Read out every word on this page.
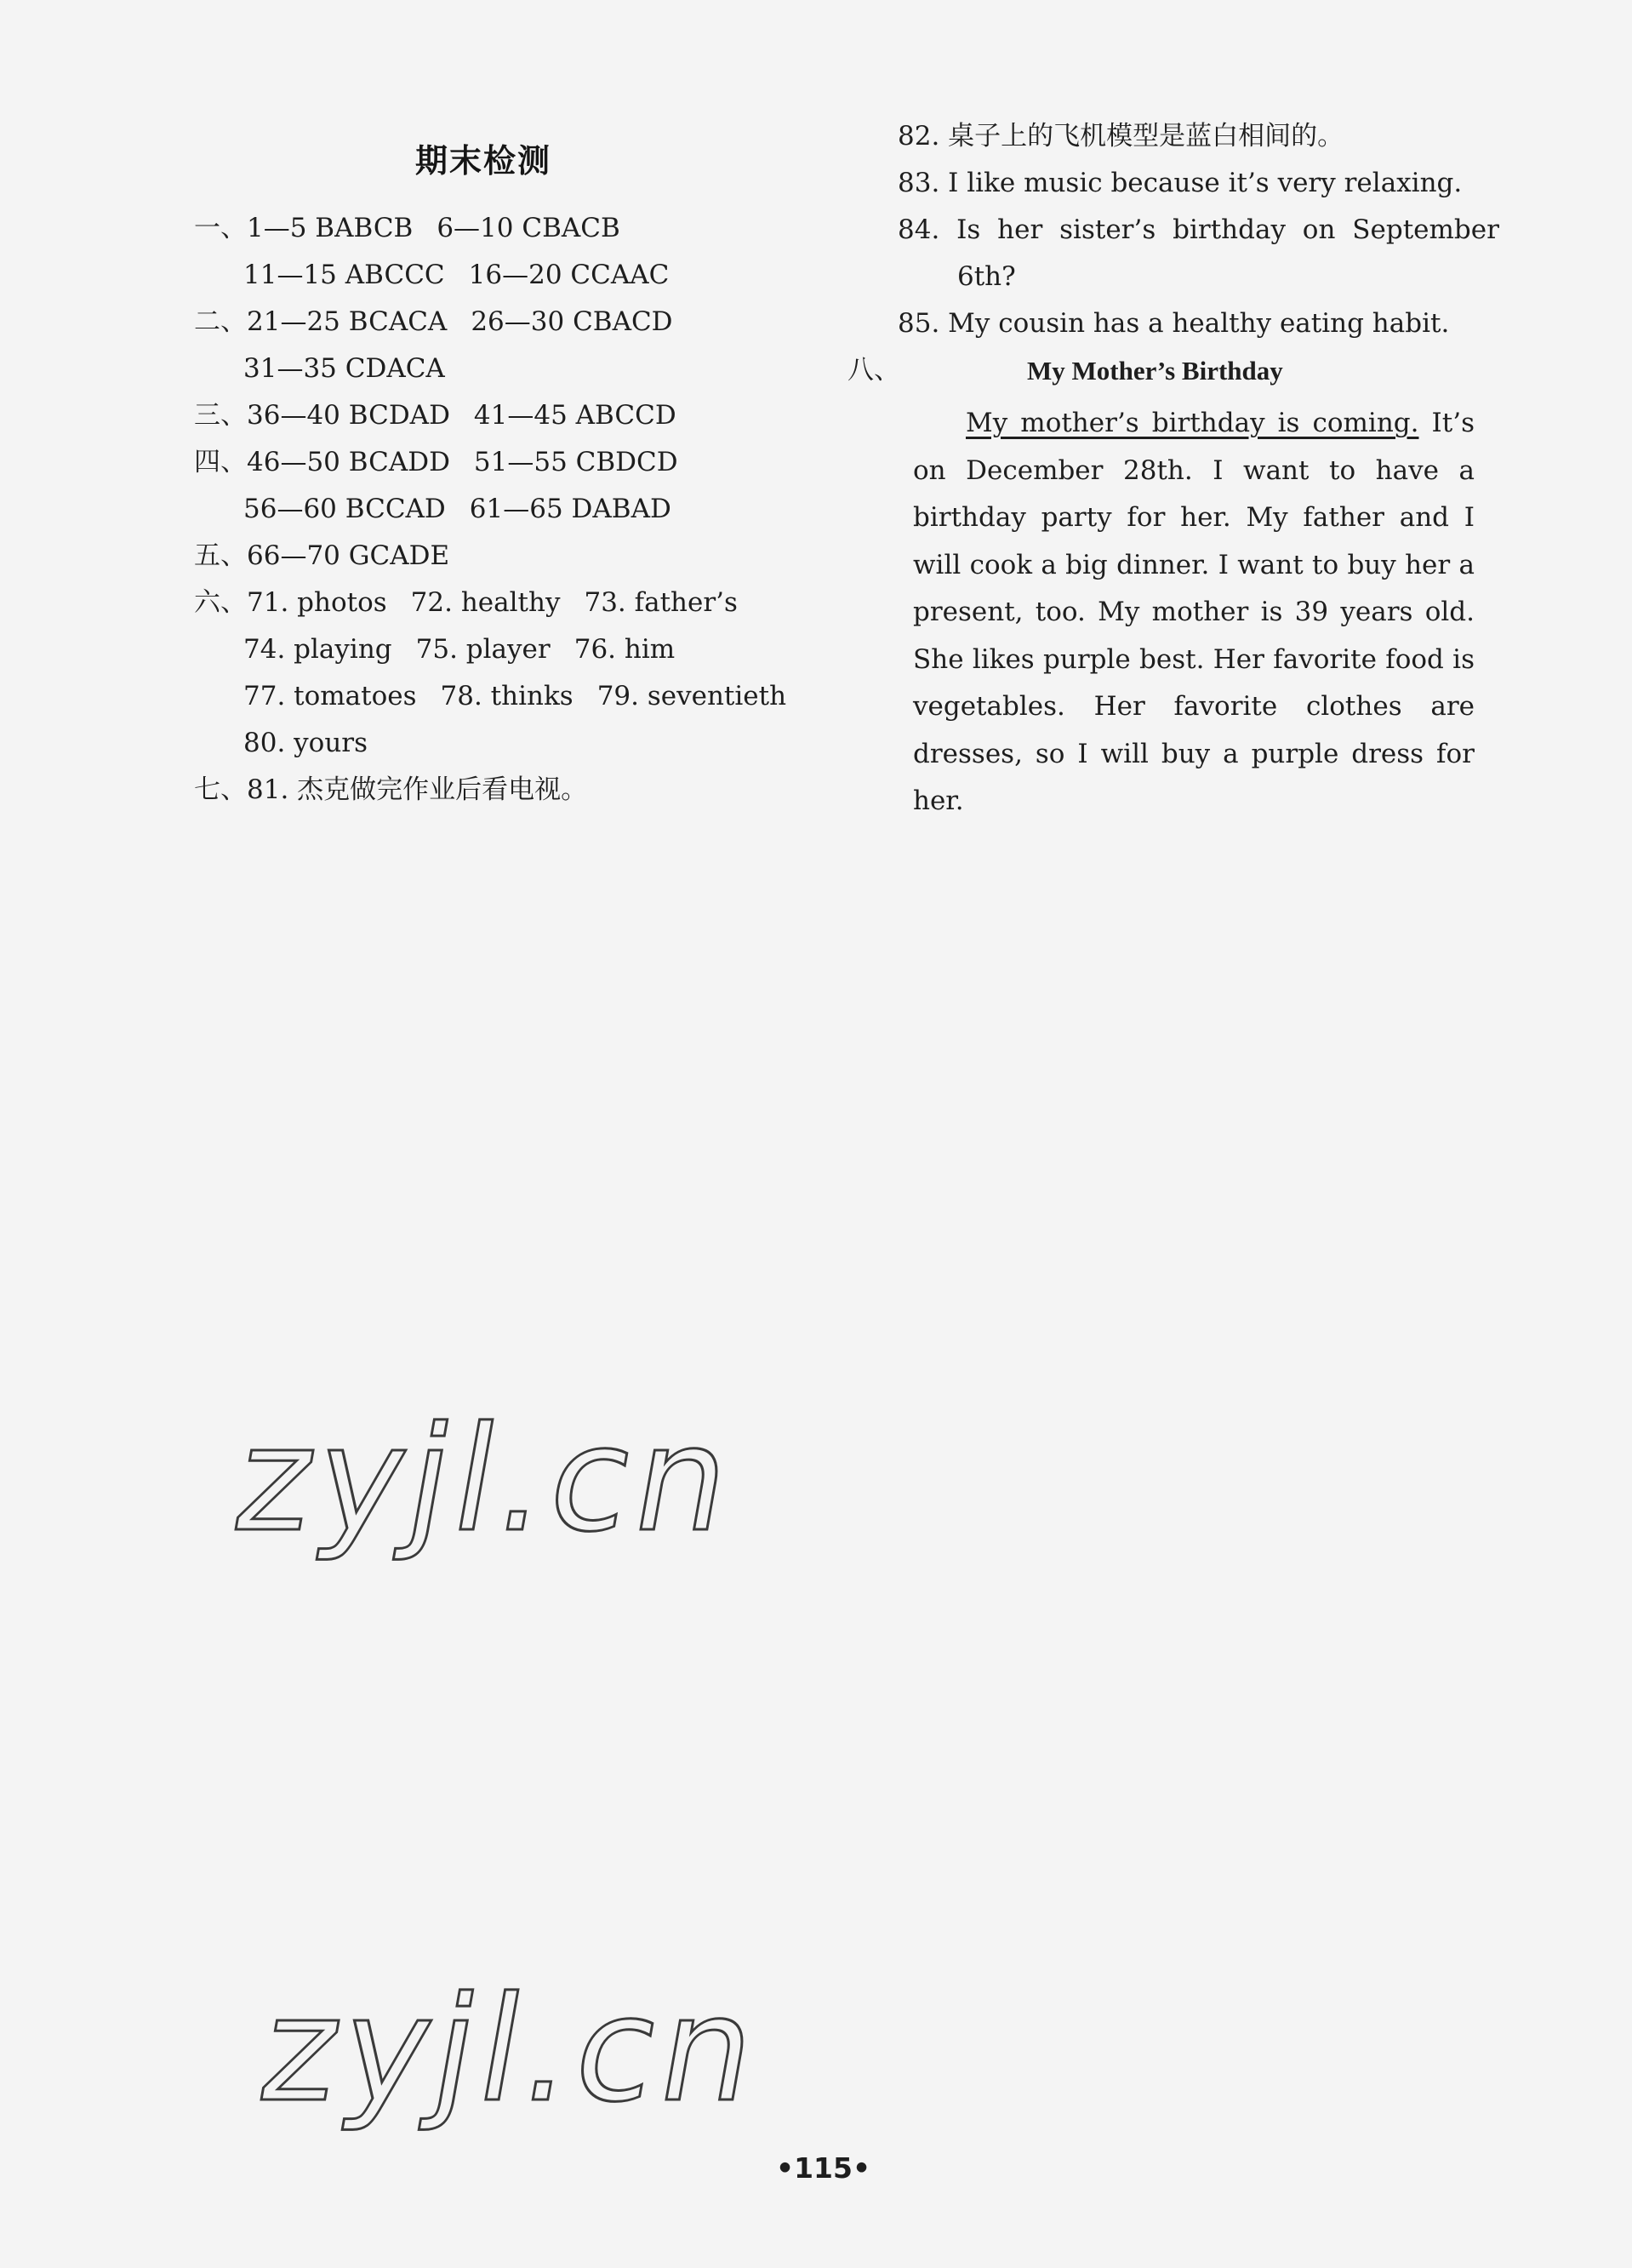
期末检测
一、1—5 BABCB 6—10 CBACB
11—15 ABCCC 16—20 CCAAC
二、21—25 BCACA 26—30 CBACD
31—35 CDACA
三、36—40 BCDAD 41—45 ABCCD
四、46—50 BCADD 51—55 CBDCD
56—60 BCCAD 61—65 DABAD
五、66—70 GCADE
六、71. photos 72. healthy 73. father’s
74. playing 75. player 76. him
77. tomatoes 78. thinks 79. seventieth
80. yours
七、81. 杰克做完作业后看电视。
82. 桌子上的飞机模型是蓝白相间的。
83. I like music because it’s very relaxing.
84. Is her sister’s birthday on September
6th?
85. My cousin has a healthy eating habit.
八、	My Mother’s Birthday
My mother’s birthday is coming. It’s on December 28th. I want to have a birthday party for her. My father and I will cook a big dinner. I want to buy her a present, too. My mother is 39 years old. She likes purple best. Her favorite food is vegetables. Her favorite clothes are dresses, so I will buy a purple dress for her.
zyjl.cn
zyjl.cn
•115•
